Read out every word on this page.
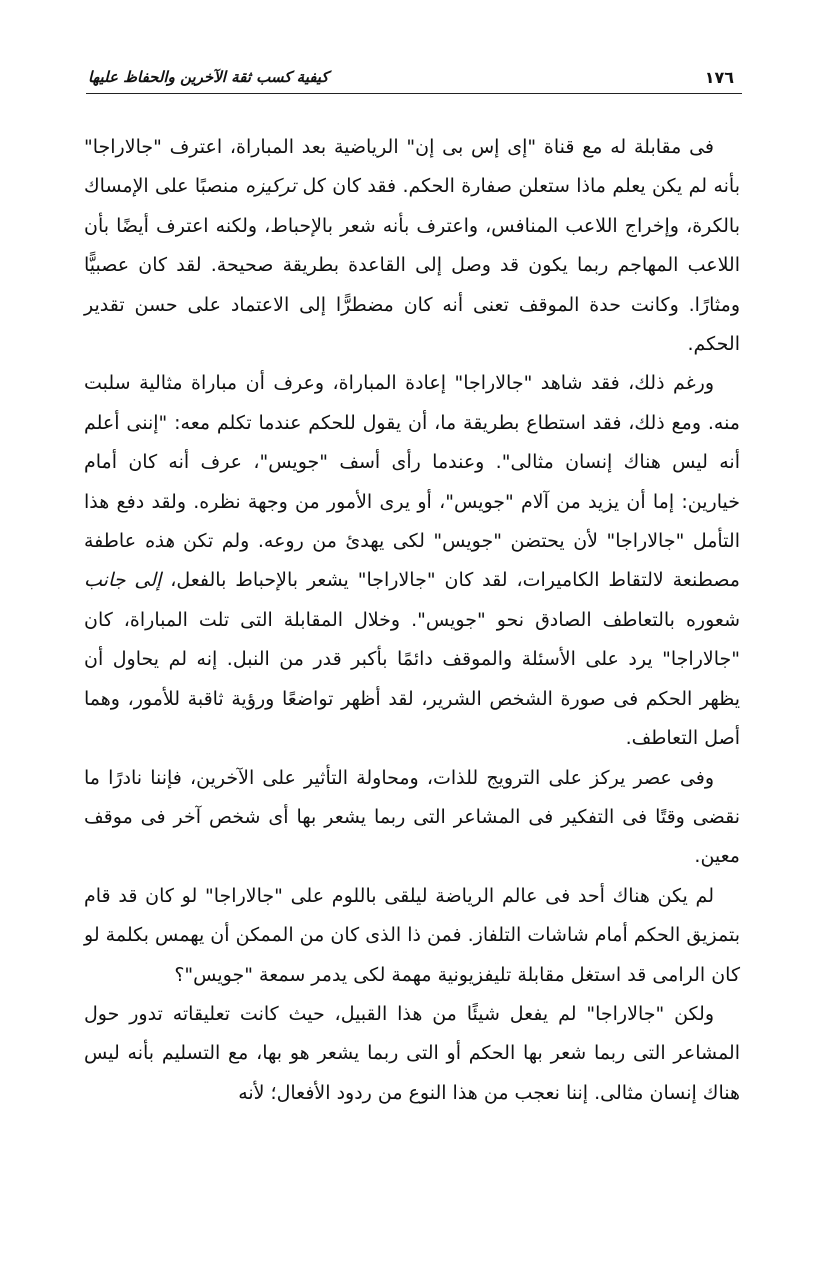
١٧٦
كيفية كسب ثقة الآخرين والحفاظ عليها

فى مقابلة له مع قناة "إى إس بى إن" الرياضية بعد المباراة، اعترف "جالاراجا" بأنه لم يكن يعلم ماذا ستعلن صفارة الحكم. فقد كان كل تركيزه منصبًا على الإمساك بالكرة، وإخراج اللاعب المنافس، واعترف بأنه شعر بالإحباط، ولكنه اعترف أيضًا بأن اللاعب المهاجم ربما يكون قد وصل إلى القاعدة بطريقة صحيحة. لقد كان عصبيًّا ومثارًا. وكانت حدة الموقف تعنى أنه كان مضطرًّا إلى الاعتماد على حسن تقدير الحكم.

ورغم ذلك، فقد شاهد "جالاراجا" إعادة المباراة، وعرف أن مباراة مثالية سلبت منه. ومع ذلك، فقد استطاع بطريقة ما، أن يقول للحكم عندما تكلم معه: "إننى أعلم أنه ليس هناك إنسان مثالى". وعندما رأى أسف "جويس"، عرف أنه كان أمام خيارين: إما أن يزيد من آلام "جويس"، أو يرى الأمور من وجهة نظره. ولقد دفع هذا التأمل "جالاراجا" لأن يحتضن "جويس" لكى يهدئ من روعه. ولم تكن هذه عاطفة مصطنعة لالتقاط الكاميرات، لقد كان "جالاراجا" يشعر بالإحباط بالفعل، إلى جانب شعوره بالتعاطف الصادق نحو "جويس". وخلال المقابلة التى تلت المباراة، كان "جالاراجا" يرد على الأسئلة والموقف دائمًا بأكبر قدر من النبل. إنه لم يحاول أن يظهر الحكم فى صورة الشخص الشرير، لقد أظهر تواضعًا ورؤية ثاقبة للأمور، وهما أصل التعاطف.

وفى عصر يركز على الترويج للذات، ومحاولة التأثير على الآخرين، فإننا نادرًا ما نقضى وقتًا فى التفكير فى المشاعر التى ربما يشعر بها أى شخص آخر فى موقف معين.

لم يكن هناك أحد فى عالم الرياضة ليلقى باللوم على "جالاراجا" لو كان قد قام بتمزيق الحكم أمام شاشات التلفاز. فمن ذا الذى كان من الممكن أن يهمس بكلمة لو كان الرامى قد استغل مقابلة تليفزيونية مهمة لكى يدمر سمعة "جويس"؟

ولكن "جالاراجا" لم يفعل شيئًا من هذا القبيل، حيث كانت تعليقاته تدور حول المشاعر التى ربما شعر بها الحكم أو التى ربما يشعر هو بها، مع التسليم بأنه ليس هناك إنسان مثالى. إننا نعجب من هذا النوع من ردود الأفعال؛ لأنه
